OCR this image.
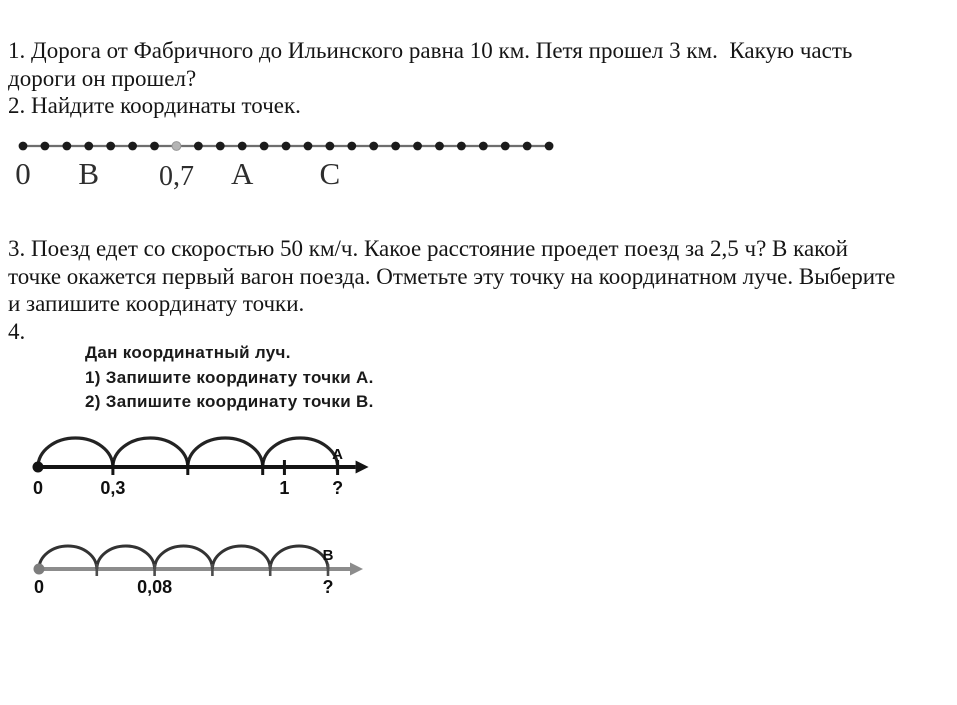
1. Дорога от Фабричного до Ильинского равна 10 км. Петя прошел 3 км.  Какую часть
дороги он прошел?
2. Найдите координаты точек.
0 B 0,7 A C
3. Поезд едет со скоростью 50 км/ч. Какое расстояние проедет поезд за 2,5 ч? В какой
точке окажется первый вагон поезда. Отметьте эту точку на координатном луче. Выберите
и запишите координату точки.
4.
Дан координатный луч.
1) Запишите координату точки А.
2) Запишите координату точки В.
0	0,3	1 ?
A
0	0,08	?
B
